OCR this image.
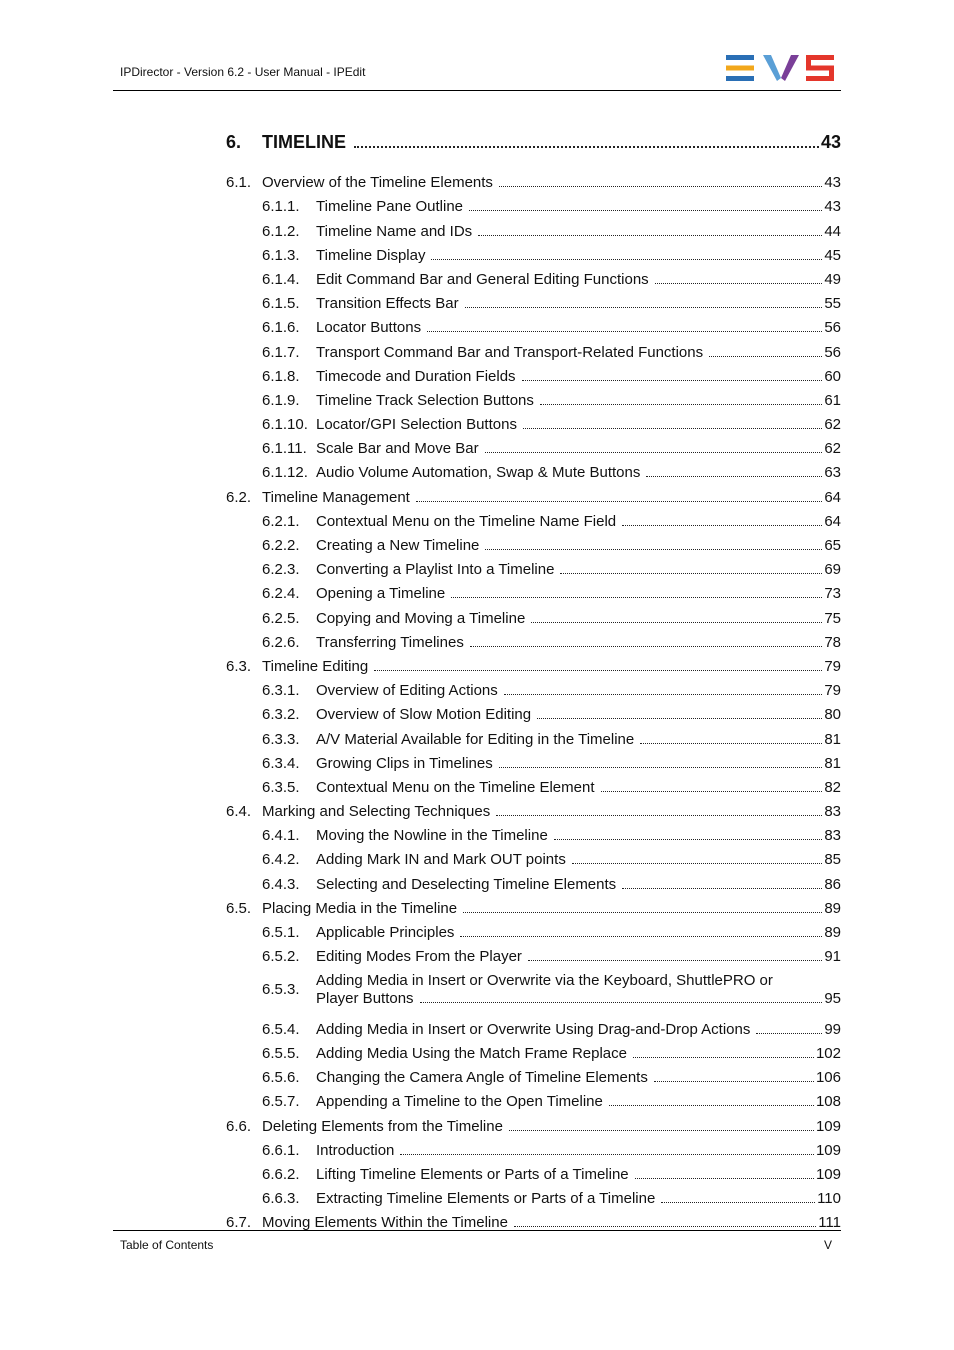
IPDirector - Version 6.2 - User Manual - IPEdit
6.	TIMELINE	43
6.1. Overview of the Timeline Elements	43
6.1.1.	Timeline Pane Outline	43
6.1.2.	Timeline Name and IDs	44
6.1.3.	Timeline Display	45
6.1.4.	Edit Command Bar and General Editing Functions	49
6.1.5.	Transition Effects Bar	55
6.1.6.	Locator Buttons	56
6.1.7.	Transport Command Bar and Transport-Related Functions	56
6.1.8.	Timecode and Duration Fields	60
6.1.9.	Timeline Track Selection Buttons	61
6.1.10. Locator/GPI Selection Buttons	62
6.1.11. Scale Bar and Move Bar	62
6.1.12. Audio Volume Automation, Swap & Mute Buttons	63
6.2. Timeline Management	64
6.2.1.	Contextual Menu on the Timeline Name Field	64
6.2.2.	Creating a New Timeline	65
6.2.3.	Converting a Playlist Into a Timeline	69
6.2.4.	Opening a Timeline	73
6.2.5.	Copying and Moving a Timeline	75
6.2.6.	Transferring Timelines	78
6.3. Timeline Editing	79
6.3.1.	Overview of Editing Actions	79
6.3.2.	Overview of Slow Motion Editing	80
6.3.3.	A/V Material Available for Editing in the Timeline	81
6.3.4.	Growing Clips in Timelines	81
6.3.5.	Contextual Menu on the Timeline Element	82
6.4. Marking and Selecting Techniques	83
6.4.1.	Moving the Nowline in the Timeline	83
6.4.2.	Adding Mark IN and Mark OUT points	85
6.4.3.	Selecting and Deselecting Timeline Elements	86
6.5. Placing Media in the Timeline	89
6.5.1.	Applicable Principles	89
6.5.2.	Editing Modes From the Player	91
6.5.3.
Adding Media in Insert or Overwrite via the Keyboard, ShuttlePRO or
Player Buttons	95
6.5.4.	Adding Media in Insert or Overwrite Using Drag-and-Drop Actions	99
6.5.5.	Adding Media Using the Match Frame Replace	102
6.5.6.	Changing the Camera Angle of Timeline Elements	106
6.5.7.	Appending a Timeline to the Open Timeline	108
6.6. Deleting Elements from the Timeline	109
6.6.1.	Introduction	109
6.6.2.	Lifting Timeline Elements or Parts of a Timeline	109
6.6.3.	Extracting Timeline Elements or Parts of a Timeline	110
6.7. Moving Elements Within the Timeline	111
Table of Contents	V
